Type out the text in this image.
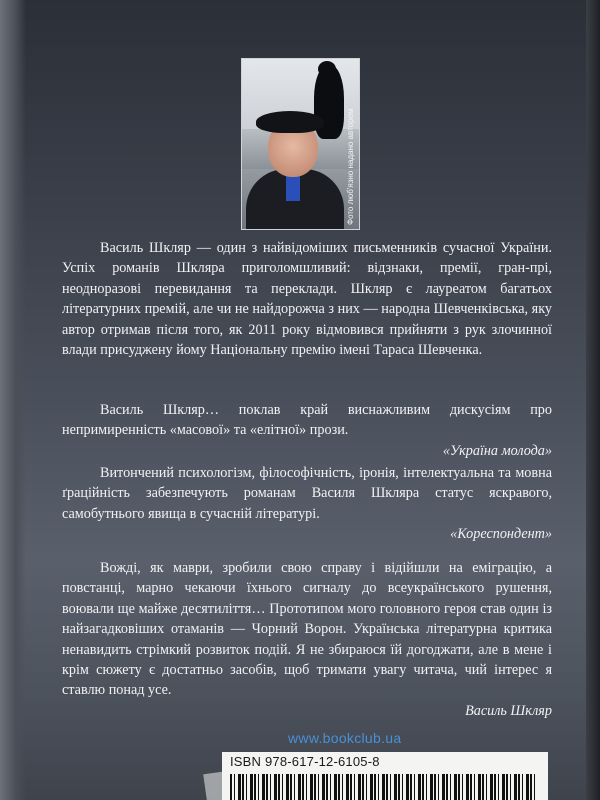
Фото люб'язно надано автором

Василь Шкляр — один з найвідоміших письменників сучасної України. Успіх романів Шкляра приголомшливий: відзнаки, премії, гран-прі, неодноразові перевидання та переклади. Шкляр є лауреатом багатьох літературних премій, але чи не найдорожча з них — народна Шевченківська, яку автор отримав після того, як 2011 року відмовився прийняти з рук злочинної влади присуджену йому Національну премію імені Тараса Шевченка.

Василь Шкляр… поклав край виснажливим дискусіям про непримиренність «масової» та «елітної» прози.

«Україна молода»

Витончений психологізм, філософічність, іронія, інтелектуальна та мовна ґраційність забезпечують романам Василя Шкляра статус яскравого, самобутнього явища в сучасній літературі.

«Кореспондент»

Вожді, як маври, зробили свою справу і відійшли на еміграцію, а повстанці, марно чекаючи їхнього сигналу до всеукраїнського рушення, воювали ще майже десятиліття… Прототипом мого головного героя став один із найзагадковіших отаманів — Чорний Ворон. Українська літературна критика ненавидить стрімкий розвиток подій. Я не збираюся їй догоджати, але в мене і крім сюжету є достатньо засобів, щоб тримати увагу читача, чий інтерес я ставлю понад усе.

Василь Шкляр
www.bookclub.ua
ISBN 978-617-12-6105-8
